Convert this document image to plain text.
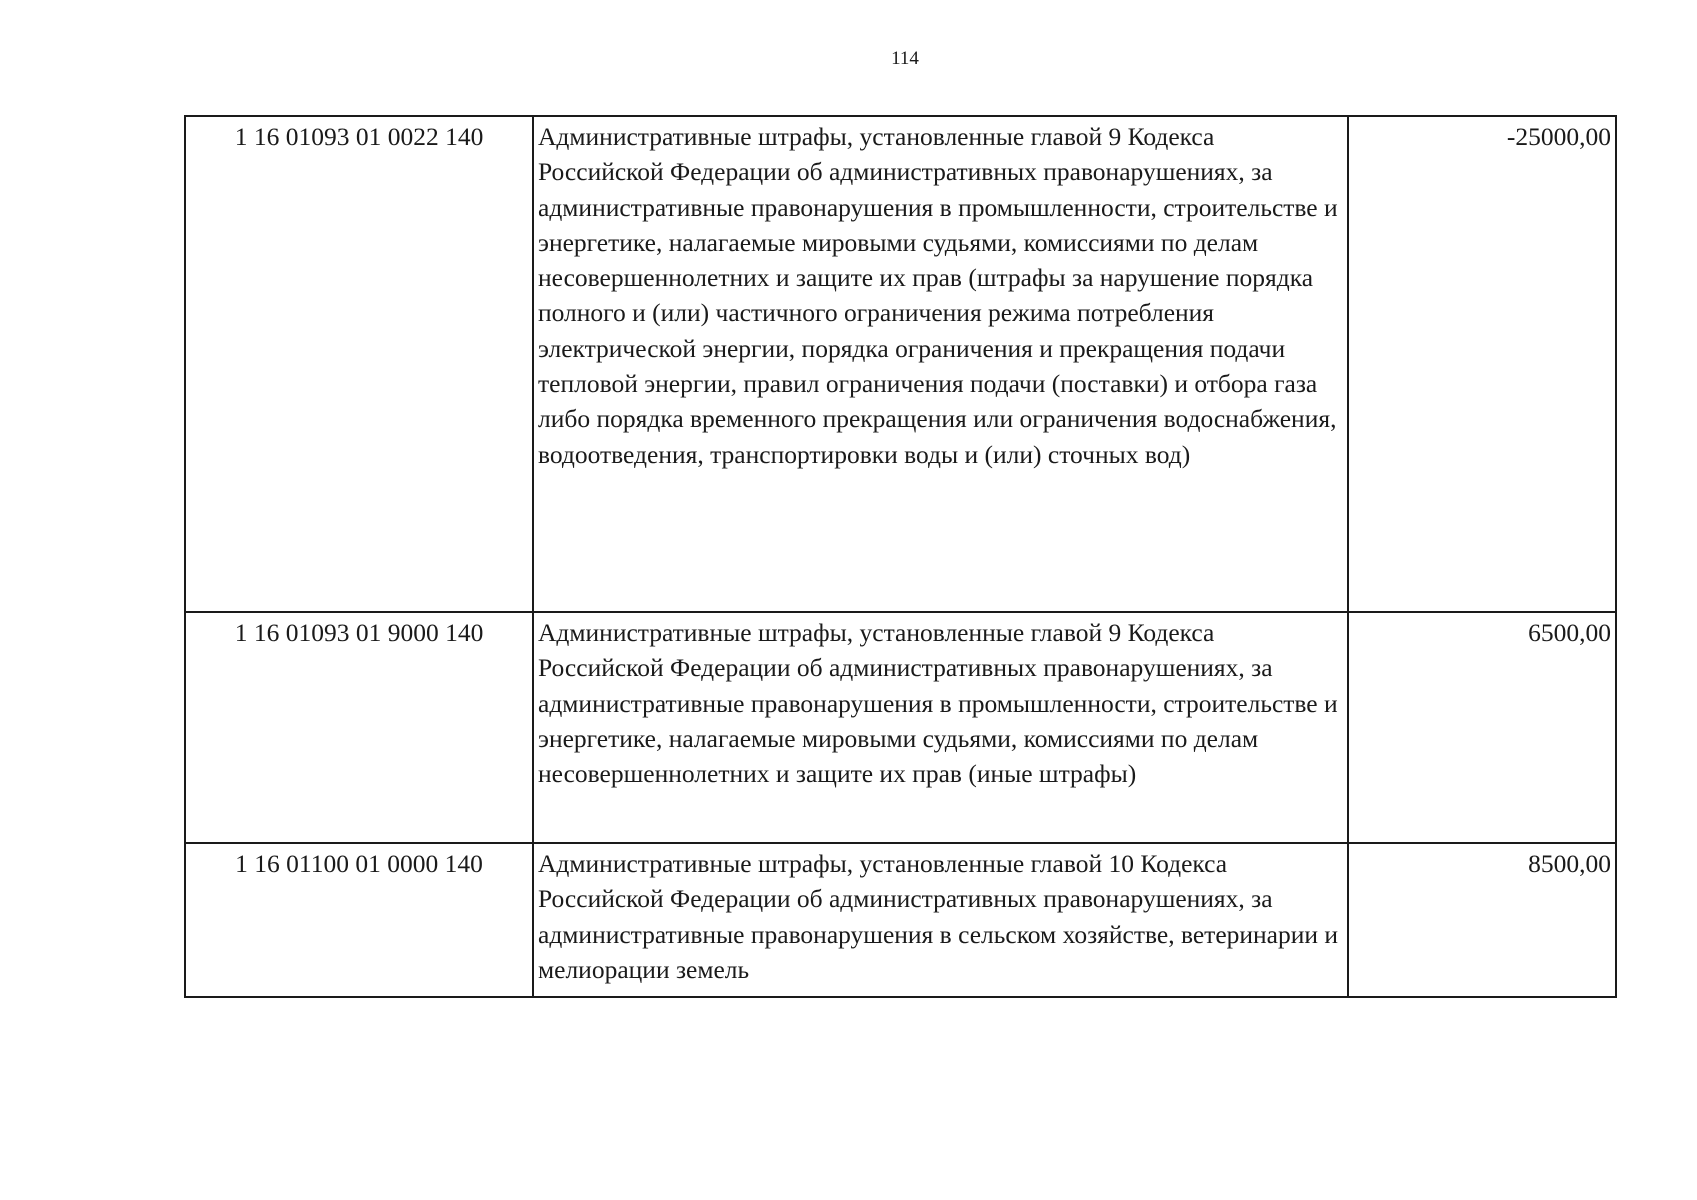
114
1 16 01093 01 0022 140	Административные штрафы, установленные главой 9 Кодекса Российской Федерации об административных правонарушениях, за административные правонарушения в промышленности, строительстве и энергетике, налагаемые мировыми судьями, комиссиями по делам несовершеннолетних и защите их прав (штрафы за нарушение порядка полного и (или) частичного ограничения режима потребления электрической энергии, порядка ограничения и прекращения подачи тепловой энергии, правил ограничения подачи (поставки) и отбора газа либо порядка временного прекращения или ограничения водоснабжения, водоотведения, транспортировки воды и (или) сточных вод)	-25000,00
1 16 01093 01 9000 140	Административные штрафы, установленные главой 9 Кодекса Российской Федерации об административных правонарушениях, за административные правонарушения в промышленности, строительстве и энергетике, налагаемые мировыми судьями, комиссиями по делам несовершеннолетних и защите их прав (иные штрафы)	6500,00
1 16 01100 01 0000 140	Административные штрафы, установленные главой 10 Кодекса Российской Федерации об административных правонарушениях, за административные правонарушения в сельском хозяйстве, ветеринарии и мелиорации земель	8500,00
